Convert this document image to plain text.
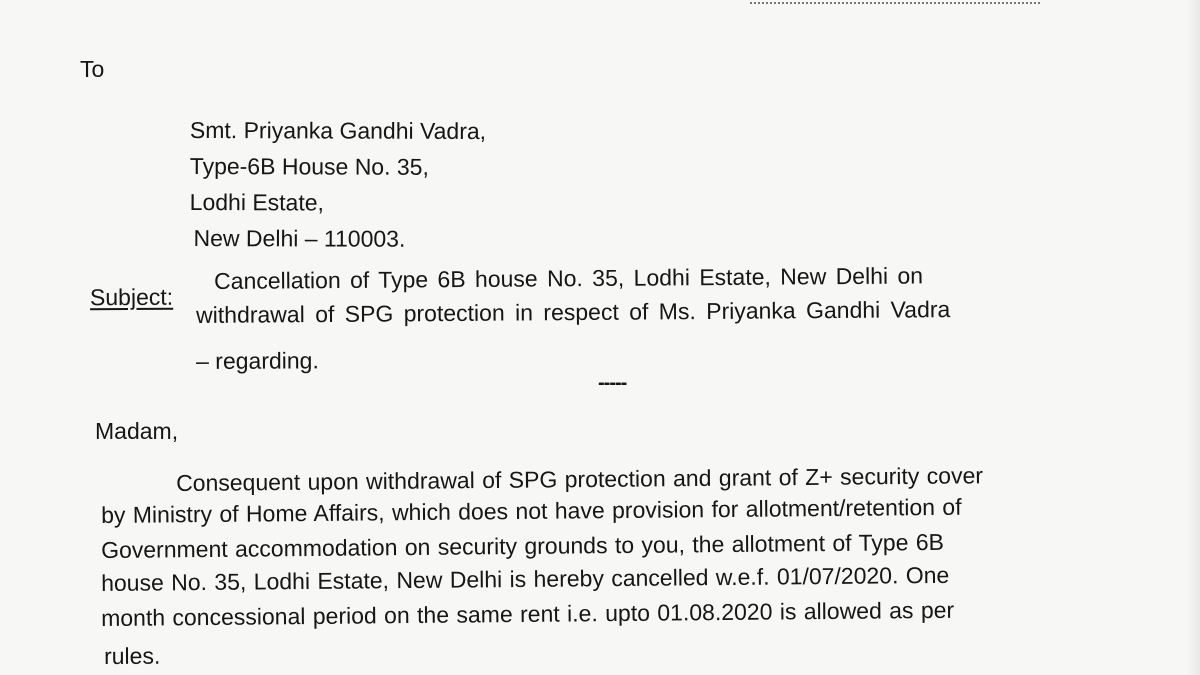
To
Smt. Priyanka Gandhi Vadra,
Type-6B House No. 35,
Lodhi Estate,
New Delhi – 110003.
Subject:
Cancellation of Type 6B house No. 35, Lodhi Estate, New Delhi on
withdrawal of SPG protection in respect of Ms. Priyanka Gandhi Vadra
– regarding.
-----
Madam,
Consequent upon withdrawal of SPG protection and grant of Z+ security cover
by Ministry of Home Affairs, which does not have provision for allotment/retention of
Government accommodation on security grounds to you, the allotment of Type 6B
house No. 35, Lodhi Estate, New Delhi is hereby cancelled w.e.f. 01/07/2020. One
month concessional period on the same rent i.e. upto 01.08.2020 is allowed as per
rules.
